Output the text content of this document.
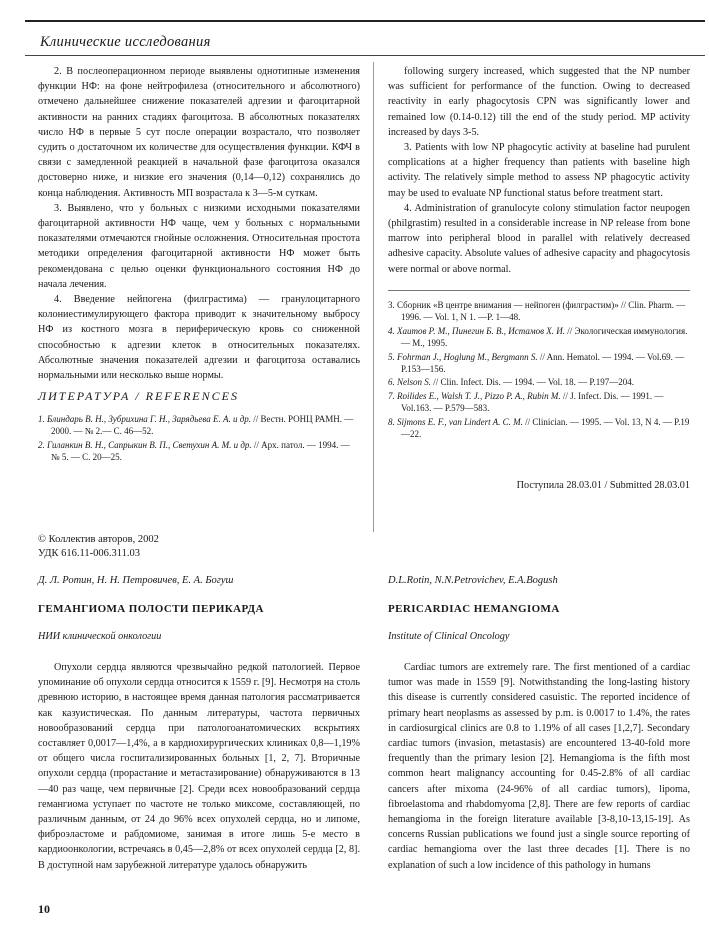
Клинические исследования

2. В послеоперационном периоде выявлены однотипные изменения функции НФ: на фоне нейтрофилеза (относительного и абсолютного) отмечено дальнейшее снижение показателей адгезии и фагоцитарной активности на ранних стадиях фагоцитоза. В абсолютных показателях число НФ в первые 5 сут после операции возрастало, что позволяет судить о достаточном их количестве для осуществления функции. КФЧ в связи с замедленной реакцией в начальной фазе фагоцитоза оказался достоверно ниже, и низкие его значения (0,14—0,12) сохранялись до конца наблюдения. Активность МП возрастала к 3—5-м суткам.

3. Выявлено, что у больных с низкими исходными показателями фагоцитарной активности НФ чаще, чем у больных с нормальными показателями отмечаются гнойные осложнения. Относительная простота методики определения фагоцитарной активности НФ может быть рекомендована с целью оценки функционального состояния НФ до начала лечения.

4. Введение нейпогена (филграстима) — гранулоцитарного колониестимулирующего фактора приводит к значительному выбросу НФ из костного мозга в периферическую кровь со сниженной способностью к адгезии клеток в относительных показателях. Абсолютные значения показателей адгезии и фагоцитоза оставались нормальными или несколько выше нормы.

following surgery increased, which suggested that the NP number was sufficient for performance of the function. Owing to decreased reactivity in early phagocytosis CPN was significantly lower and remained low (0.14-0.12) till the end of the study period. MP activity increased by days 3-5.

3. Patients with low NP phagocytic activity at baseline had purulent complications at a higher frequency than patients with baseline high activity. The relatively simple method to assess NP phagocytic activity may be used to evaluate NP functional status before treatment start.

4. Administration of granulocyte colony stimulation factor neupogen (philgrastim) resulted in a considerable increase in NP release from bone marrow into peripheral blood in parallel with relatively decreased adhesive capacity. Absolute values of adhesive capacity and phagocytosis were normal or above normal.

ЛИТЕРАТУРА / REFERENCES
1. Блиндарь В. Н., Зубрихина Г. Н., Зарядьева Е. А. и др. // Вестн. РОНЦ РАМН. — 2000. — № 2.— С. 46—52.
2. Гиланкин В. Н., Сапрыкин В. П., Светухин А. М. и др. // Арх. патол. — 1994. — № 5. — С. 20—25.
3. Сборник «В центре внимания — нейпоген (филграстим)» // Clin. Pharm. — 1996. — Vol. 1, N 1. —P. 1—48.
4. Хаитов Р. М., Пинегин Б. В., Истамов Х. И. // Экологическая иммунология. — М., 1995.
5. Fohrman J., Hoglung M., Bergmann S. // Ann. Hematol. — 1994. — Vol.69. —P.153—156.
6. Nelson S. // Clin. Infect. Dis. — 1994. — Vol. 18. — P.197—204.
7. Roilides E., Walsh T. J., Pizzo P. A., Rubin M. // J. Infect. Dis. — 1991. — Vol.163. — P.579—583.
8. Sijmons E. F., van Lindert A. C. M. // Clinician. — 1995. — Vol. 13, N 4. — P.19—22.
Поступила 28.03.01 / Submitted 28.03.01
© Коллектив авторов, 2002
УДК 616.11-006.311.03
Д. Л. Ротин, Н. Н. Петровичев, Е. А. Богуш	D.L.Rotin, N.N.Petrovichev, E.A.Bogush
ГЕМАНГИОМА ПОЛОСТИ ПЕРИКАРДА	PERICARDIAC HEMANGIOMA
НИИ клинической онкологии	Institute of Clinical Oncology

Опухоли сердца являются чрезвычайно редкой патологией. Первое упоминание об опухоли сердца относится к 1559 г. [9]. Несмотря на столь древнюю историю, в настоящее время данная патология рассматривается как казуистическая. По данным литературы, частота первичных новообразований сердца при патологоанатомических вскрытиях составляет 0,0017—1,4%, а в кардиохирургических клиниках 0,8—1,19% от общего числа госпитализированных больных [1, 2, 7]. Вторичные опухоли сердца (прорастание и метастазирование) обнаруживаются в 13—40 раз чаще, чем первичные [2]. Среди всех новообразований сердца гемангиома уступает по частоте не только миксоме, составляющей, по различным данным, от 24 до 96% всех опухолей сердца, но и липоме, фиброэластоме и рабдомиоме, занимая в итоге лишь 5-е место в кардиоонкологии, встречаясь в 0,45—2,8% от всех опухолей сердца [2, 8]. В доступной нам зарубежной литературе удалось обнаружить

Cardiac tumors are extremely rare. The first mentioned of a cardiac tumor was made in 1559 [9]. Notwithstanding the long-lasting history this disease is currently considered casuistic. The reported incidence of primary heart neoplasms as assessed by p.m. is 0.0017 to 1.4%, the rates in cardiosurgical clinics are 0.8 to 1.19% of all cases [1,2,7]. Secondary cardiac tumors (invasion, metastasis) are encountered 13-40-fold more frequently than the primary lesion [2]. Hemangioma is the fifth most common heart malignancy accounting for 0.45-2.8% of all cardiac cancers after mixoma (24-96% of all cardiac tumors), lipoma, fibroelastoma and rhabdomyoma [2,8]. There are few reports of cardiac hemangioma in the foreign literature available [3-8,10-13,15-19]. As concerns Russian publications we found just a single source reporting of cardiac hemangioma over the last three decades [1]. There is no explanation of such a low incidence of this pathology in humans

10
